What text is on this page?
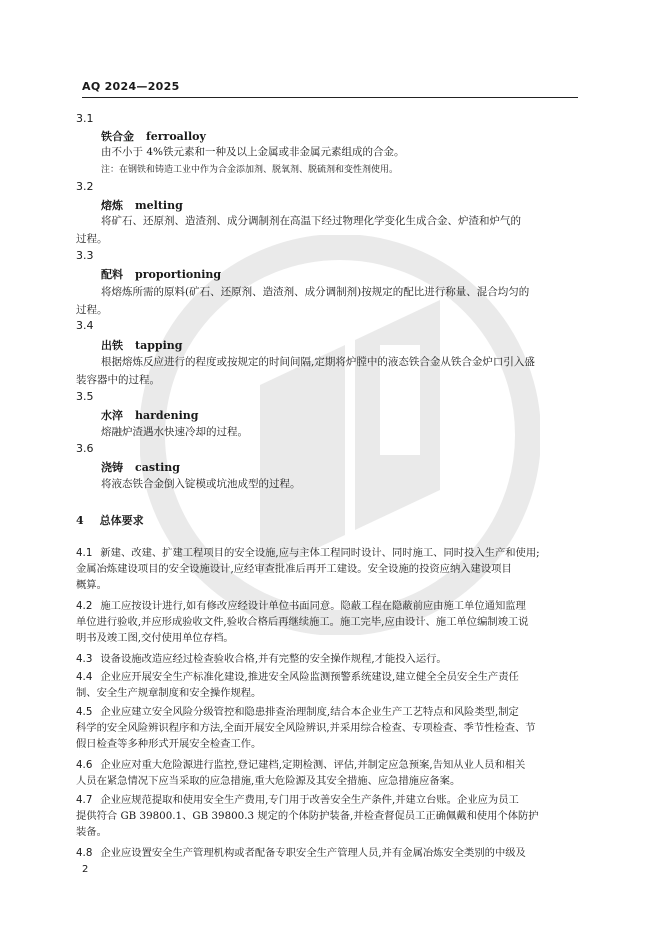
AQ 2024—2025
3.1
铁合金 ferroalloy
由不小于 4%铁元素和一种及以上金属或非金属元素组成的合金。
注：在钢铁和铸造工业中作为合金添加剂、脱氧剂、脱硫剂和变性剂使用。
3.2
熔炼 melting
将矿石、还原剂、造渣剂、成分调制剂在高温下经过物理化学变化生成合金、炉渣和炉气的
过程。
3.3
配料 proportioning
将熔炼所需的原料(矿石、还原剂、造渣剂、成分调制剂)按规定的配比进行称量、混合均匀的
过程。
3.4
出铁 tapping
根据熔炼反应进行的程度或按规定的时间间隔,定期将炉膛中的液态铁合金从铁合金炉口引入盛
装容器中的过程。
3.5
水淬 hardening
熔融炉渣遇水快速冷却的过程。
3.6
浇铸 casting
将液态铁合金倒入锭模或坑池成型的过程。
4 总体要求

4.1 新建、改建、扩建工程项目的安全设施,应与主体工程同时设计、同时施工、同时投入生产和使用;

金属冶炼建设项目的安全设施设计,应经审查批准后再开工建设。安全设施的投资应纳入建设项目

概算。

4.2 施工应按设计进行,如有修改应经设计单位书面同意。隐蔽工程在隐蔽前应由施工单位通知监理

单位进行验收,并应形成验收文件,验收合格后再继续施工。施工完毕,应由设计、施工单位编制竣工说

明书及竣工图,交付使用单位存档。

4.3 设备设施改造应经过检查验收合格,并有完整的安全操作规程,才能投入运行。

4.4 企业应开展安全生产标准化建设,推进安全风险监测预警系统建设,建立健全全员安全生产责任

制、安全生产规章制度和安全操作规程。

4.5 企业应建立安全风险分级管控和隐患排查治理制度,结合本企业生产工艺特点和风险类型,制定

科学的安全风险辨识程序和方法,全面开展安全风险辨识,并采用综合检查、专项检查、季节性检查、节

假日检查等多种形式开展安全检查工作。

4.6 企业应对重大危险源进行监控,登记建档,定期检测、评估,并制定应急预案,告知从业人员和相关

人员在紧急情况下应当采取的应急措施,重大危险源及其安全措施、应急措施应备案。

4.7 企业应规范提取和使用安全生产费用,专门用于改善安全生产条件,并建立台账。企业应为员工

提供符合 GB 39800.1、GB 39800.3 规定的个体防护装备,并检查督促员工正确佩戴和使用个体防护

装备。

4.8 企业应设置安全生产管理机构或者配备专职安全生产管理人员,并有金属冶炼安全类别的中级及

2
